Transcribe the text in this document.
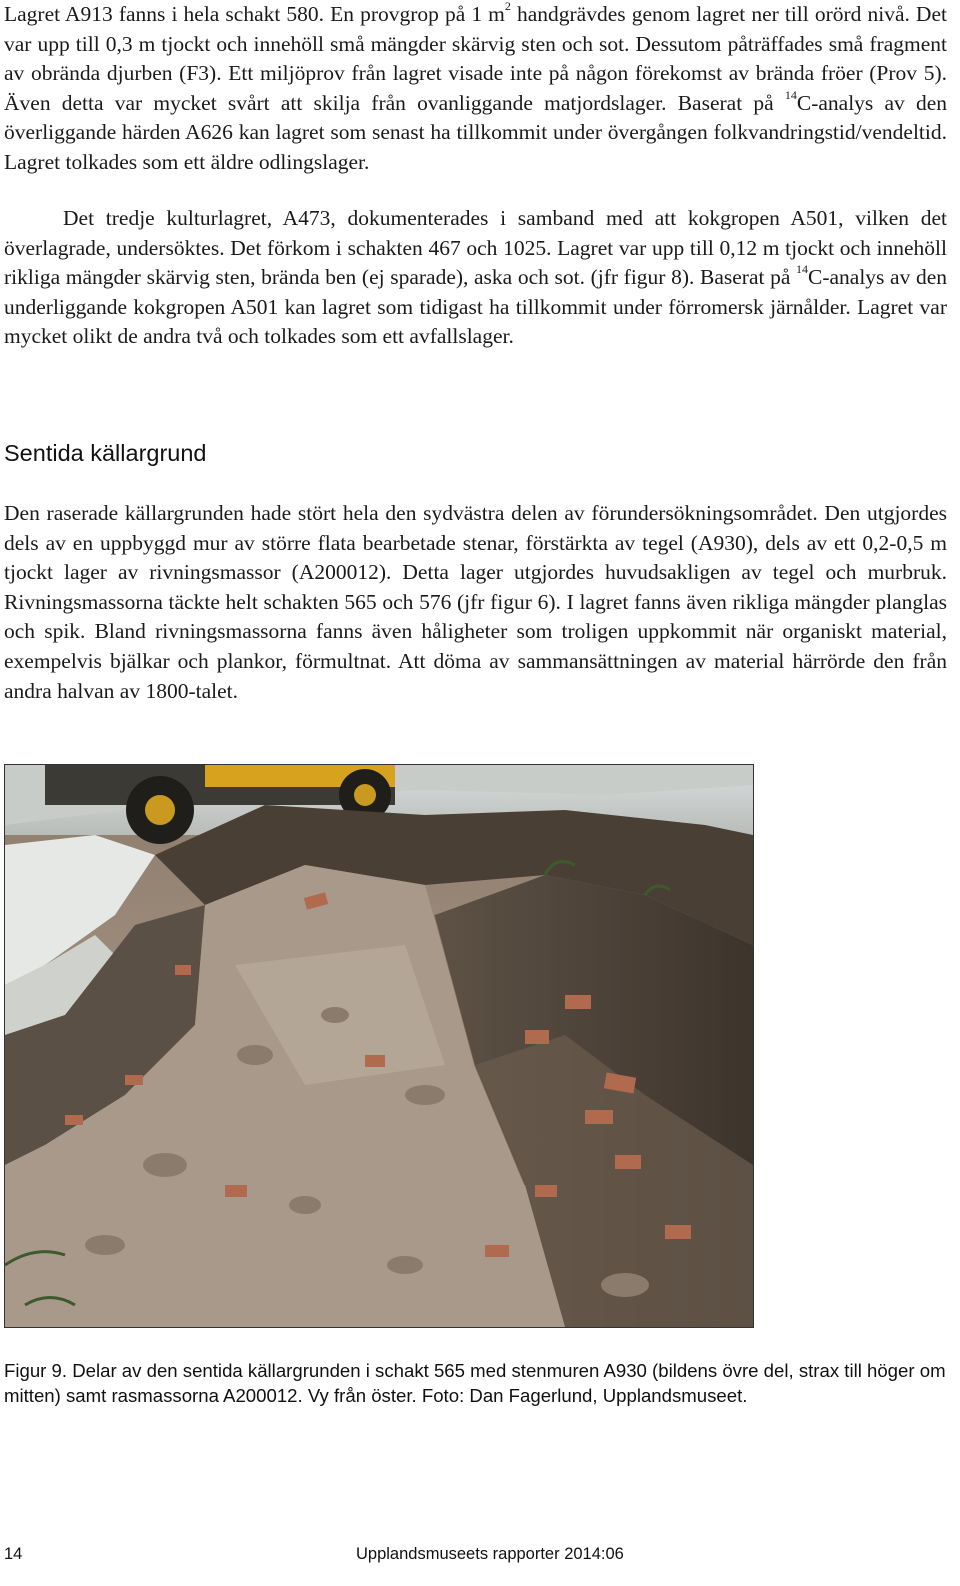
Lagret A913 fanns i hela schakt 580. En provgrop på 1 $m^2$ handgrävdes genom lagret ner till orörd nivå. Det var upp till 0,3 m tjockt och innehöll små mängder skärvig sten och sot. Dessutom påträffades små fragment av obrända djurben (F3). Ett miljöprov från lagret visade inte på någon förekomst av brända fröer (Prov 5). Även detta var mycket svårt att skilja från ovanliggande matjordslager. Baserat på $^{14}$C-analys av den överliggande härden A626 kan lagret som senast ha tillkommit under övergången folkvandringstid/vendeltid. Lagret tolkades som ett äldre odlingslager.

Det tredje kulturlagret, A473, dokumenterades i samband med att kokgropen A501, vilken det överlagrade, undersöktes. Det förkom i schakten 467 och 1025. Lagret var upp till 0,12 m tjockt och innehöll rikliga mängder skärvig sten, brända ben (ej sparade), aska och sot. (jfr figur 8). Baserat på $^{14}$C-analys av den underliggande kokgropen A501 kan lagret som tidigast ha tillkommit under förromersk järnålder. Lagret var mycket olikt de andra två och tolkades som ett avfallslager.

Sentida källargrund

Den raserade källargrunden hade stört hela den sydvästra delen av förundersökningsområdet. Den utgjordes dels av en uppbyggd mur av större flata bearbetade stenar, förstärkta av tegel (A930), dels av ett 0,2-0,5 m tjockt lager av rivningsmassor (A200012). Detta lager utgjordes huvudsakligen av tegel och murbruk. Rivningsmassorna täckte helt schakten 565 och 576 (jfr figur 6). I lagret fanns även rikliga mängder planglas och spik. Bland rivningsmassorna fanns även håligheter som troligen uppkommit när organiskt material, exempelvis bjälkar och plankor, förmultnat. Att döma av sammansättningen av material härrörde den från andra halvan av 1800-talet.

Figur 9. Delar av den sentida källargrunden i schakt 565 med stenmuren A930 (bildens övre del, strax till höger om mitten) samt rasmassorna A200012. Vy från öster. Foto: Dan Fagerlund, Upplandsmuseet.

14	Upplandsmuseets rapporter 2014:06
